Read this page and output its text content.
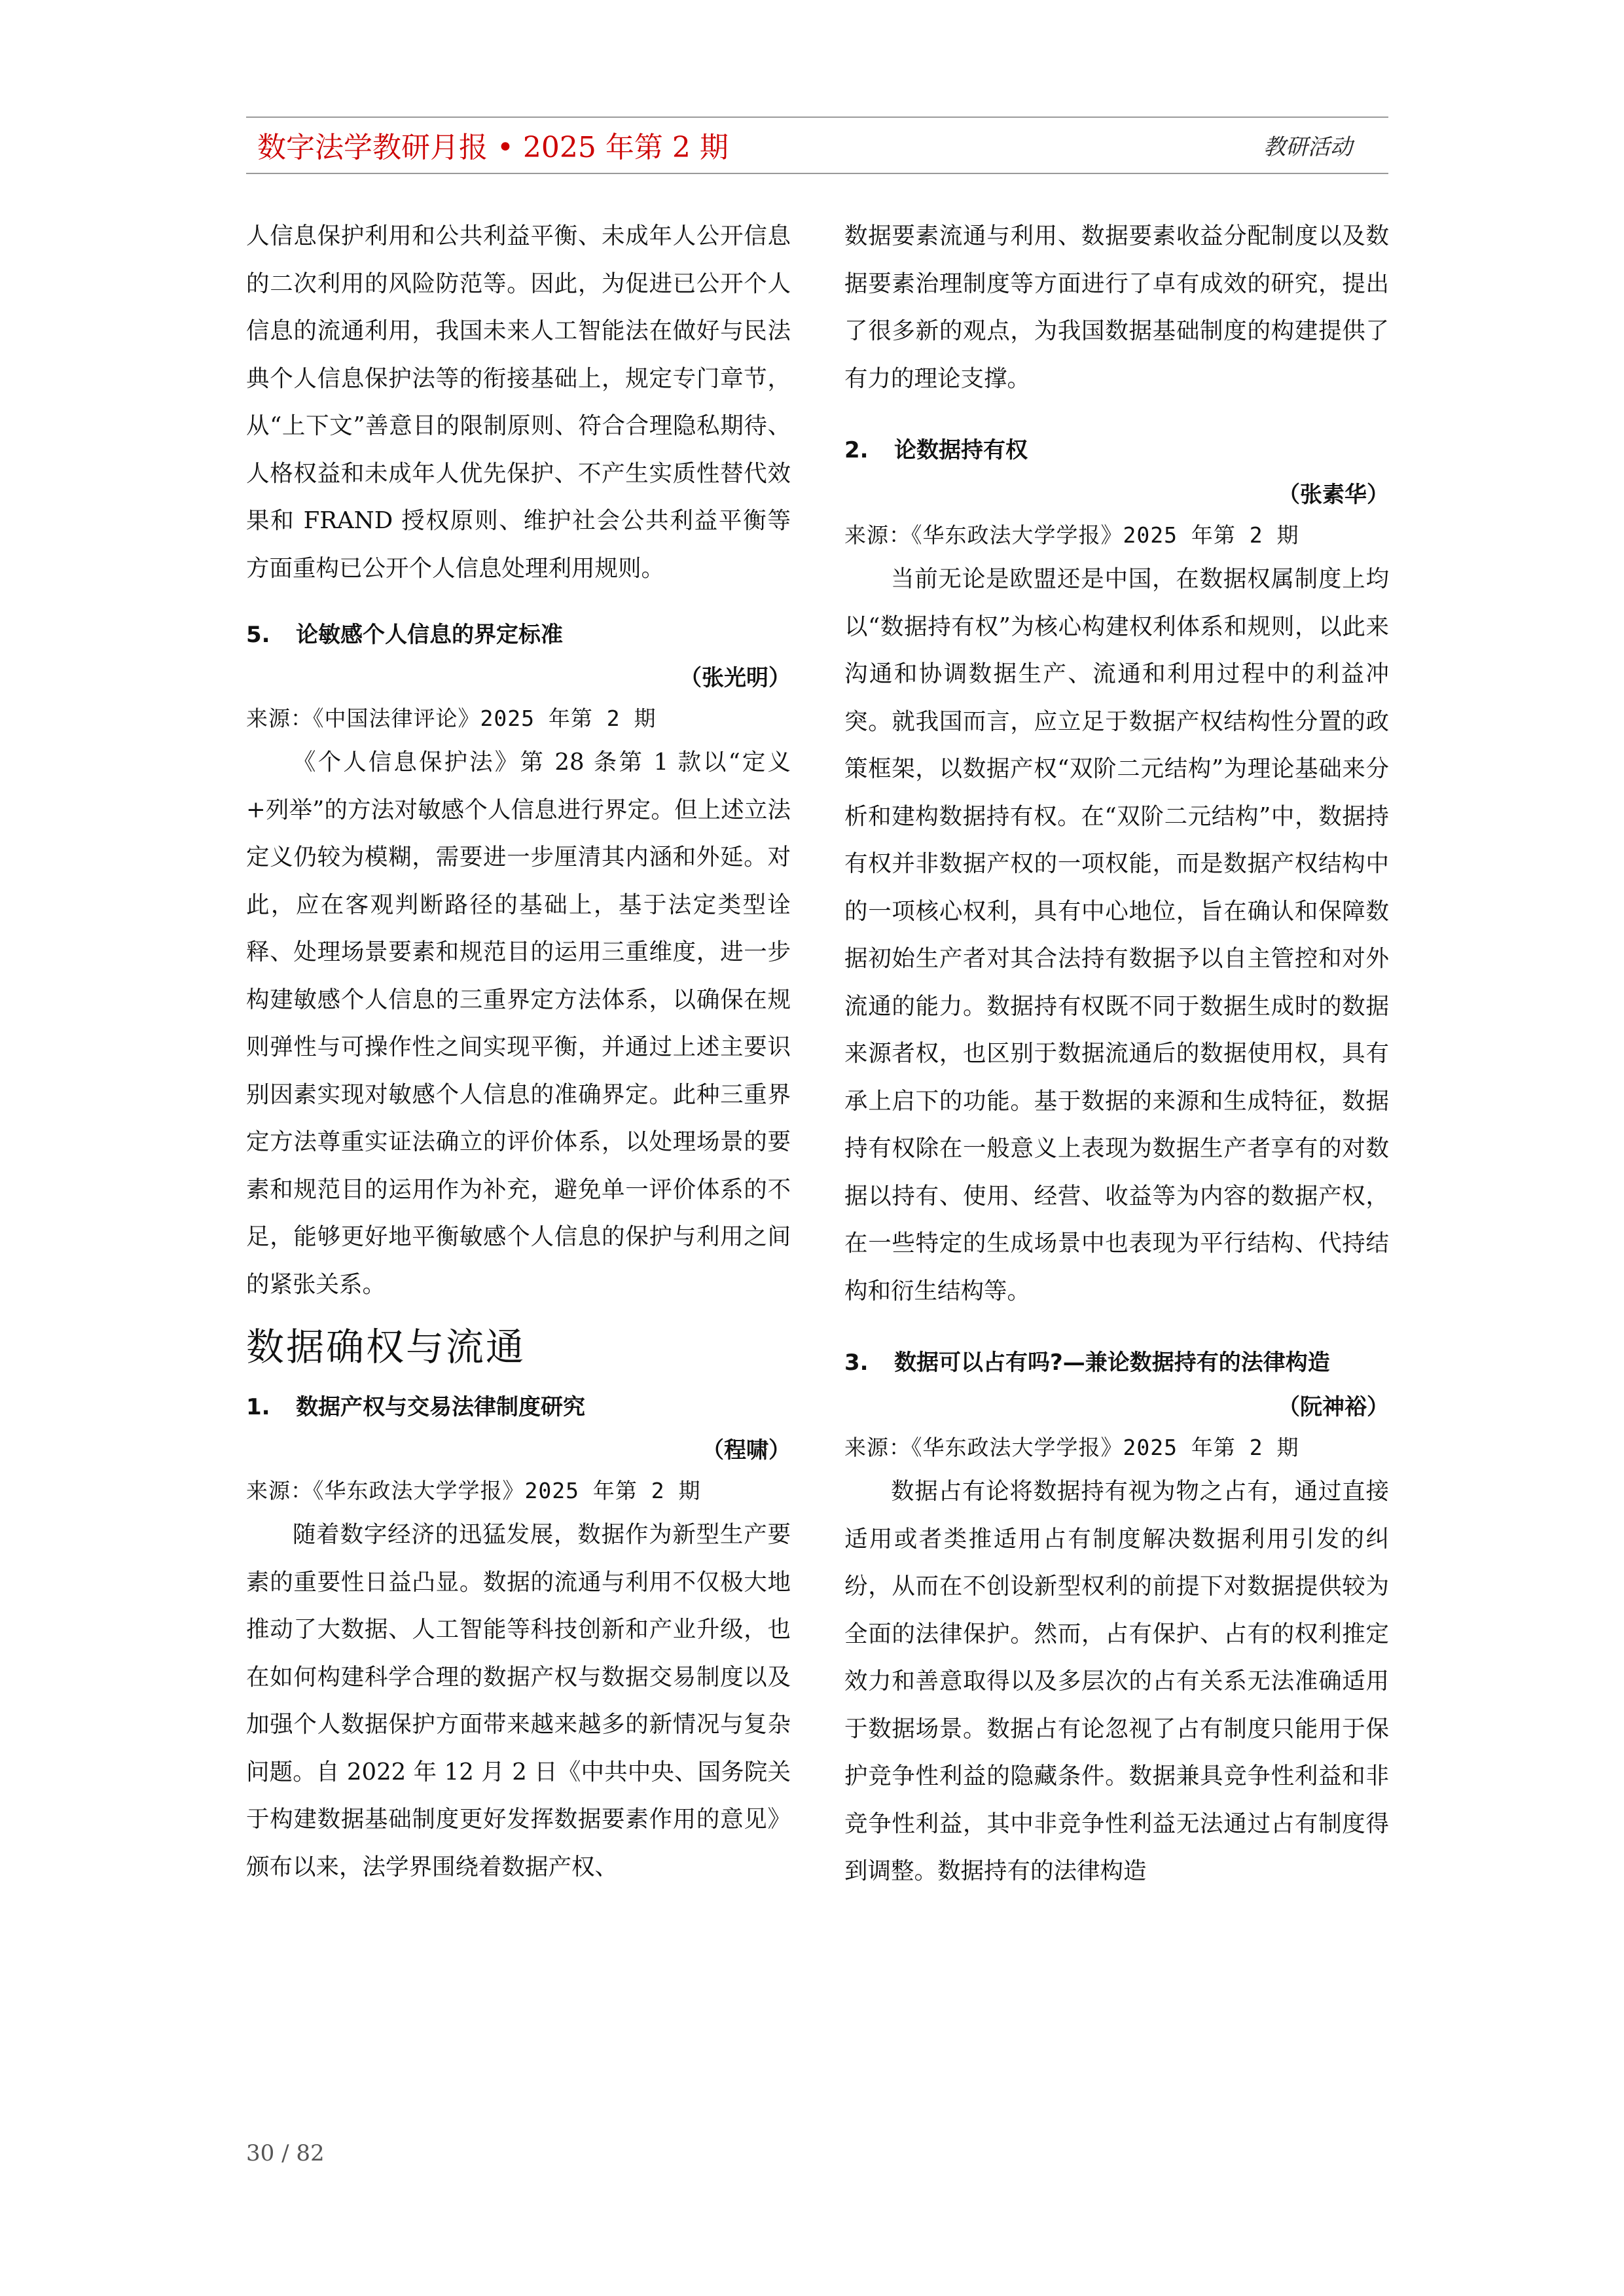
数字法学教研月报 • 2025 年第 2 期	教研活动

人信息保护利用和公共利益平衡、未成年人公开信息的二次利用的风险防范等。因此，为促进已公开个人信息的流通利用，我国未来人工智能法在做好与民法典个人信息保护法等的衔接基础上，规定专门章节，从“上下文”善意目的限制原则、符合合理隐私期待、人格权益和未成年人优先保护、不产生实质性替代效果和 FRAND 授权原则、维护社会公共利益平衡等方面重构已公开个人信息处理利用规则。

5. 论敏感个人信息的界定标准

（张光明）

来源：《中国法律评论》2025 年第 2 期

《个人信息保护法》第 28 条第 1 款以“定义+列举”的方法对敏感个人信息进行界定。但上述立法定义仍较为模糊，需要进一步厘清其内涵和外延。对此，应在客观判断路径的基础上，基于法定类型诠释、处理场景要素和规范目的运用三重维度，进一步构建敏感个人信息的三重界定方法体系，以确保在规则弹性与可操作性之间实现平衡，并通过上述主要识别因素实现对敏感个人信息的准确界定。此种三重界定方法尊重实证法确立的评价体系，以处理场景的要素和规范目的运用作为补充，避免单一评价体系的不足，能够更好地平衡敏感个人信息的保护与利用之间的紧张关系。

数据确权与流通

1. 数据产权与交易法律制度研究

（程啸）

来源：《华东政法大学学报》2025 年第 2 期

随着数字经济的迅猛发展，数据作为新型生产要素的重要性日益凸显。数据的流通与利用不仅极大地推动了大数据、人工智能等科技创新和产业升级，也在如何构建科学合理的数据产权与数据交易制度以及加强个人数据保护方面带来越来越多的新情况与复杂问题。自 2022 年 12 月 2 日《中共中央、国务院关于构建数据基础制度更好发挥数据要素作用的意见》颁布以来，法学界围绕着数据产权、

数据要素流通与利用、数据要素收益分配制度以及数据要素治理制度等方面进行了卓有成效的研究，提出了很多新的观点，为我国数据基础制度的构建提供了有力的理论支撑。

2. 论数据持有权

（张素华）

来源：《华东政法大学学报》2025 年第 2 期

当前无论是欧盟还是中国，在数据权属制度上均以“数据持有权”为核心构建权利体系和规则，以此来沟通和协调数据生产、流通和利用过程中的利益冲突。就我国而言，应立足于数据产权结构性分置的政策框架，以数据产权“双阶二元结构”为理论基础来分析和建构数据持有权。在“双阶二元结构”中，数据持有权并非数据产权的一项权能，而是数据产权结构中的一项核心权利，具有中心地位，旨在确认和保障数据初始生产者对其合法持有数据予以自主管控和对外流通的能力。数据持有权既不同于数据生成时的数据来源者权，也区别于数据流通后的数据使用权，具有承上启下的功能。基于数据的来源和生成特征，数据持有权除在一般意义上表现为数据生产者享有的对数据以持有、使用、经营、收益等为内容的数据产权，在一些特定的生成场景中也表现为平行结构、代持结构和衍生结构等。

3. 数据可以占有吗?—兼论数据持有的法律构造

（阮神裕）

来源：《华东政法大学学报》2025 年第 2 期

数据占有论将数据持有视为物之占有，通过直接适用或者类推适用占有制度解决数据利用引发的纠纷，从而在不创设新型权利的前提下对数据提供较为全面的法律保护。然而，占有保护、占有的权利推定效力和善意取得以及多层次的占有关系无法准确适用于数据场景。数据占有论忽视了占有制度只能用于保护竞争性利益的隐藏条件。数据兼具竞争性利益和非竞争性利益，其中非竞争性利益无法通过占有制度得到调整。数据持有的法律构造

30 / 82
